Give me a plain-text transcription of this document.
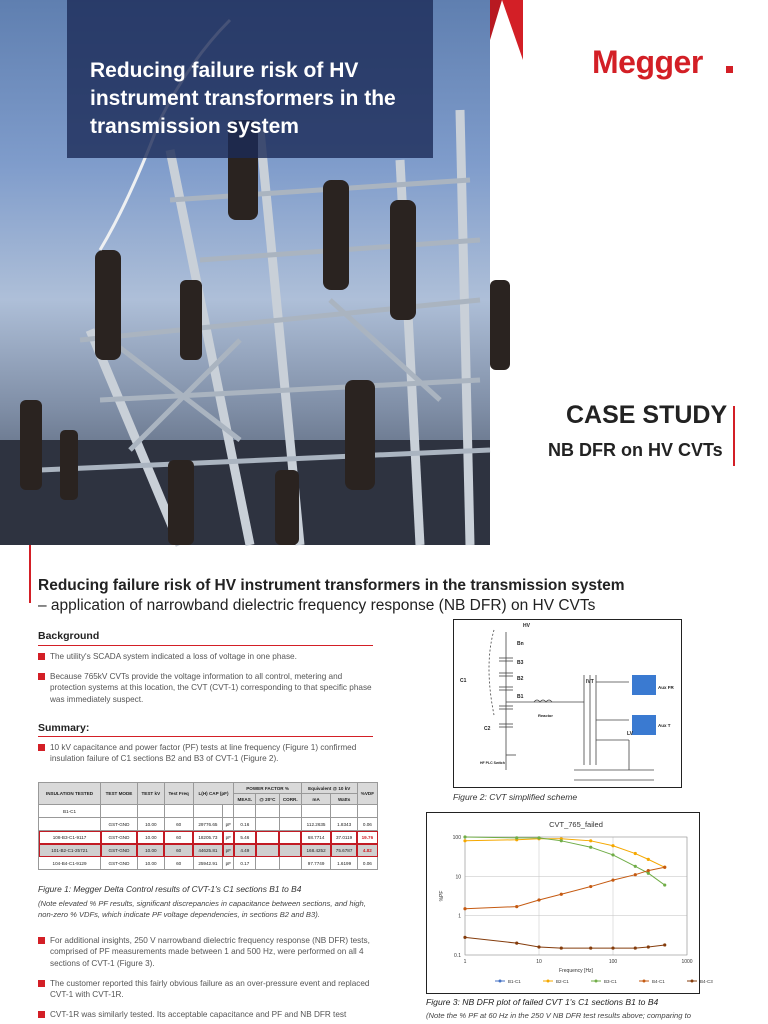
Reducing failure risk of HV instrument transformers in the transmission system
Megger
CASE STUDY
NB DFR on HV CVTs
Reducing failure risk of HV instrument transformers in the transmission system
– application of narrowband dielectric frequency response (NB DFR) on HV CVTs
Background
The utility's SCADA system indicated a loss of voltage in one phase.
Because 765kV CVTs provide the voltage information to all control, metering and protection systems at this location, the CVT (CVT-1) corresponding to that specific phase was immediately suspect.
Summary:
10 kV capacitance and power factor (PF) tests at line frequency (Figure 1) confirmed insulation failure of C1 sections B2 and B3 of CVT-1 (Figure 2).
INSULATION TESTED	TEST MODE	TEST kV	Test Freq	L(H) CAP (pF)		POWER FACTOR %			Equivalent @ 10 kV		%VDF
						MEAS.	@ 20°C	CORR.	mA	Watts	
B1-C1											
	GST-GND	10.00	60	29776.65	pF	0.16			112.2635	1.8343	0.06
108-B3-C1-9117	GST-GND	10.00	60	18205.73	pF	5.46			68.7714	37.0119	19.76
101-B2-C1-25721	GST-GND	10.00	60	44625.81	pF	4.49			168.4252	75.6787	4.82
104-B4-C1-9129	GST-GND	10.00	60	25942.91	pF	0.17			97.7749	1.6199	0.06
Figure 1: Megger Delta Control results of CVT-1's C1 sections B1 to B4
(Note elevated % PF results, significant discrepancies in capacitance between sections, and high, non-zero % VDFs, which indicate PF voltage dependencies, in sections B2 and B3).
For additional insights, 250 V narrowband dielectric frequency response (NB DFR) tests, comprised of PF measurements made between 1 and 500 Hz, were performed on all 4 sections of CVT-1 (Figure 3).
The customer reported this fairly obvious failure as an over-pressure event and replaced CVT-1 with CVT-1R.
CVT-1R was similarly tested. Its acceptable capacitance and PF and NB DFR test
HV
Bn
B3
B2
B1
C1
C2
Reactor
IVT
Aux FR
Aux T
LV
HF PLC Switch
Figure 2: CVT simplified scheme
0.1
1
10
100
1	10	100	1000
CVT_765_failed
Frequency [Hz]
%PF
B1-C1	B2-C1	B3-C1	B4-C1	B4-C3
Figure 3: NB DFR plot of failed CVT 1's C1 sections B1 to B4
(Note the % PF at 60 Hz in the 250 V NB DFR test results above; comparing to
